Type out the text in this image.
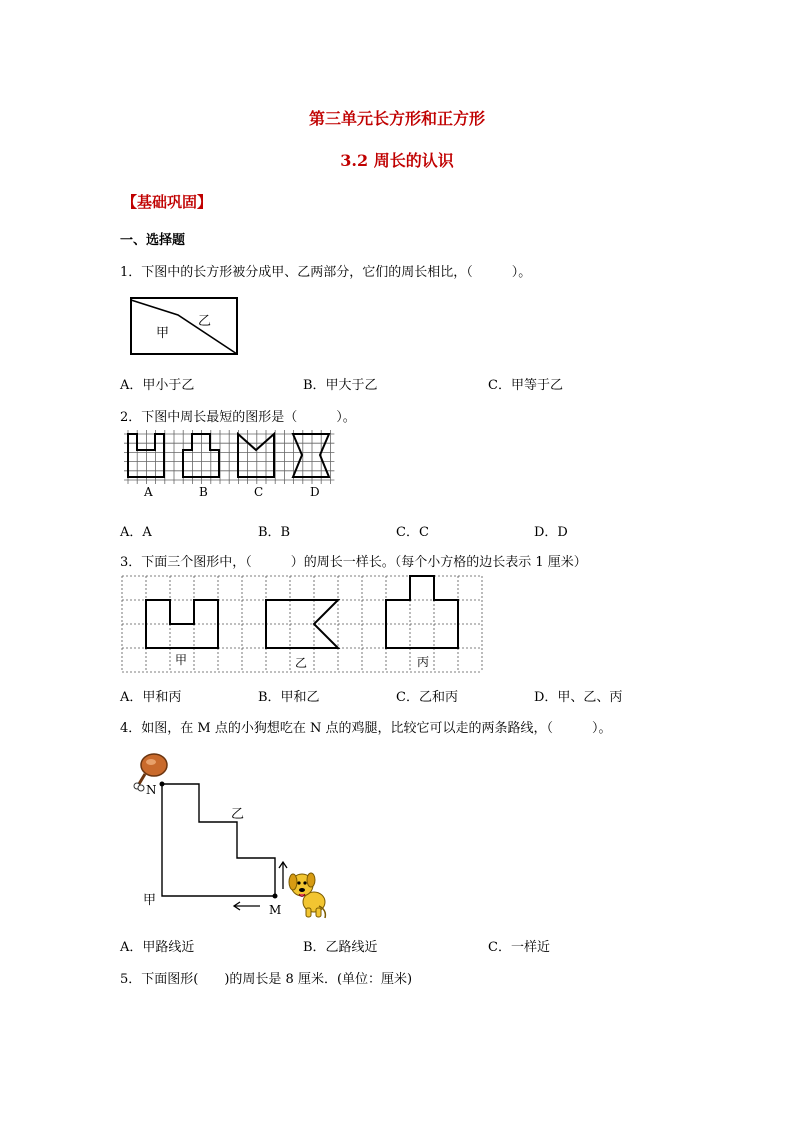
第三单元长方形和正方形
3.2 周长的认识
【基础巩固】
一、选择题
1．下图中的长方形被分成甲、乙两部分，它们的周长相比，（　　　）。
甲
乙
A．甲小于乙	B．甲大于乙	C．甲等于乙
2．下图中周长最短的图形是（　　　）。
A	B	C	D
A．A	B．B	C．C	D．D
3．下面三个图形中，（　　　）的周长一样长。（每个小方格的边长表示 1 厘米）
甲	乙	丙
A．甲和丙	B．甲和乙	C．乙和丙	D．甲、乙、丙
4．如图，在 M 点的小狗想吃在 N 点的鸡腿，比较它可以走的两条路线，（　　　）。
N
乙
甲
M
A．甲路线近	B．乙路线近	C．一样近
5．下面图形(　　)的周长是 8 厘米．(单位：厘米)
